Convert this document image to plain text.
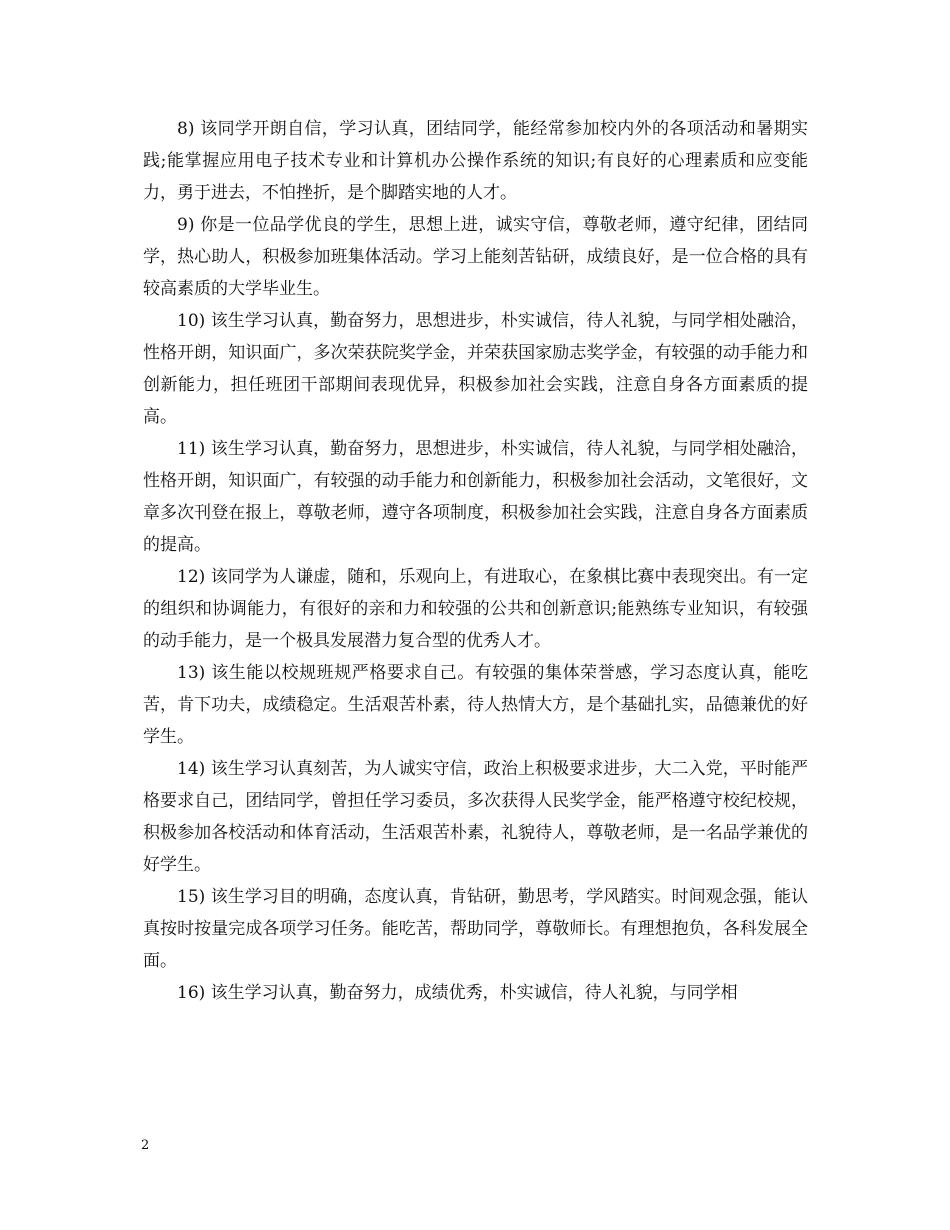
8) 该同学开朗自信，学习认真，团结同学，能经常参加校内外的各项活动和暑期实践;能掌握应用电子技术专业和计算机办公操作系统的知识;有良好的心理素质和应变能力，勇于进去，不怕挫折，是个脚踏实地的人才。

9) 你是一位品学优良的学生，思想上进，诚实守信，尊敬老师，遵守纪律，团结同学，热心助人，积极参加班集体活动。学习上能刻苦钻研，成绩良好，是一位合格的具有较高素质的大学毕业生。

10) 该生学习认真，勤奋努力，思想进步，朴实诚信，待人礼貌，与同学相处融洽，性格开朗，知识面广，多次荣获院奖学金，并荣获国家励志奖学金，有较强的动手能力和创新能力，担任班团干部期间表现优异，积极参加社会实践，注意自身各方面素质的提高。

11) 该生学习认真，勤奋努力，思想进步，朴实诚信，待人礼貌，与同学相处融洽，性格开朗，知识面广，有较强的动手能力和创新能力，积极参加社会活动，文笔很好，文章多次刊登在报上，尊敬老师，遵守各项制度，积极参加社会实践，注意自身各方面素质的提高。

12) 该同学为人谦虚，随和，乐观向上，有进取心，在象棋比赛中表现突出。有一定的组织和协调能力，有很好的亲和力和较强的公共和创新意识;能熟练专业知识，有较强的动手能力，是一个极具发展潜力复合型的优秀人才。

13) 该生能以校规班规严格要求自己。有较强的集体荣誉感，学习态度认真，能吃苦，肯下功夫，成绩稳定。生活艰苦朴素，待人热情大方，是个基础扎实，品德兼优的好学生。

14) 该生学习认真刻苦，为人诚实守信，政治上积极要求进步，大二入党，平时能严格要求自己，团结同学，曾担任学习委员，多次获得人民奖学金，能严格遵守校纪校规，积极参加各校活动和体育活动，生活艰苦朴素，礼貌待人，尊敬老师，是一名品学兼优的好学生。

15) 该生学习目的明确，态度认真，肯钻研，勤思考，学风踏实。时间观念强，能认真按时按量完成各项学习任务。能吃苦，帮助同学，尊敬师长。有理想抱负，各科发展全面。

16) 该生学习认真，勤奋努力，成绩优秀，朴实诚信，待人礼貌，与同学相

2
